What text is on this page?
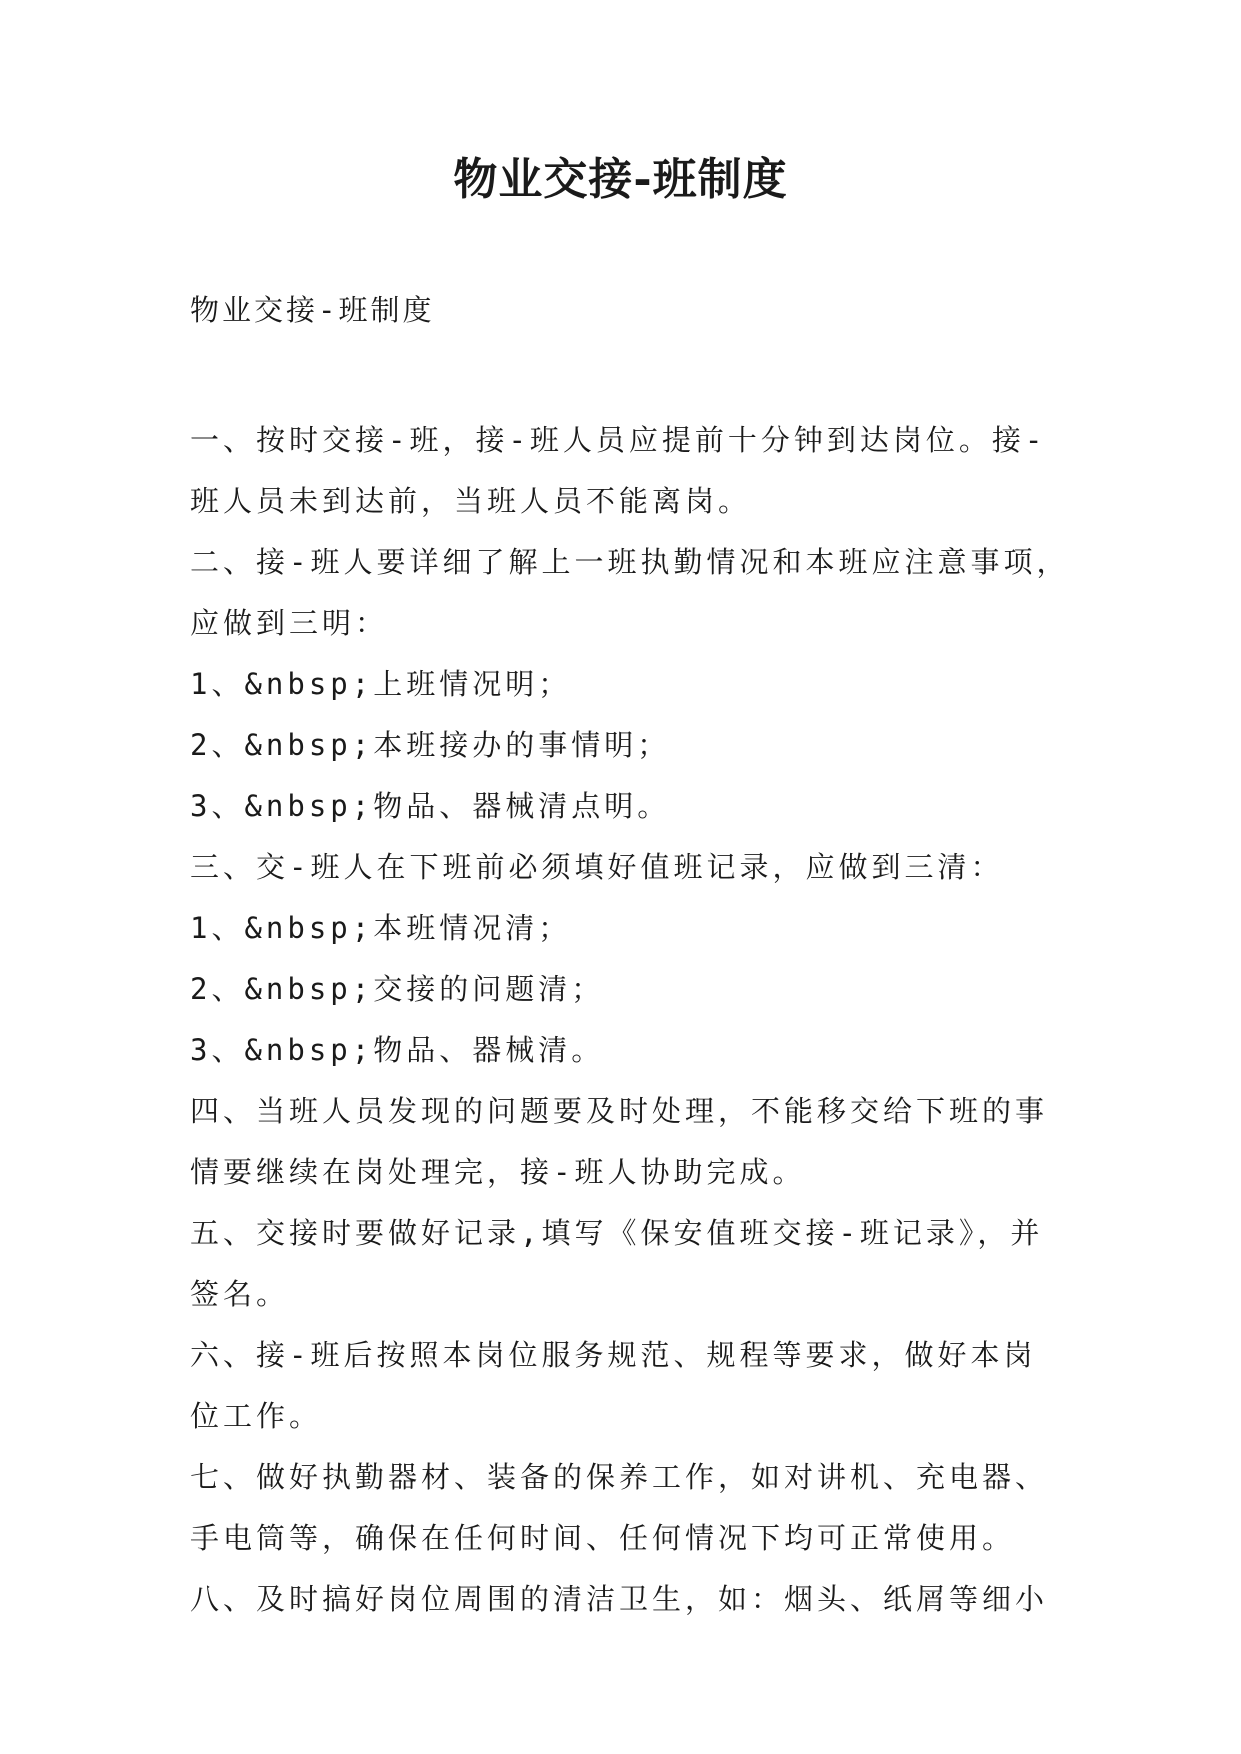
物业交接-班制度

物业交接-班制度

一、按时交接-班，接-班人员应提前十分钟到达岗位。接-
班人员未到达前，当班人员不能离岗。
二、接-班人要详细了解上一班执勤情况和本班应注意事项，
应做到三明：
1、&nbsp;上班情况明；
2、&nbsp;本班接办的事情明；
3、&nbsp;物品、器械清点明。
三、交-班人在下班前必须填好值班记录，应做到三清：
1、&nbsp;本班情况清；
2、&nbsp;交接的问题清；
3、&nbsp;物品、器械清。
四、当班人员发现的问题要及时处理，不能移交给下班的事
情要继续在岗处理完，接-班人协助完成。
五、交接时要做好记录,填写《保安值班交接-班记录》，并
签名。
六、接-班后按照本岗位服务规范、规程等要求，做好本岗
位工作。
七、做好执勤器材、装备的保养工作，如对讲机、充电器、
手电筒等，确保在任何时间、任何情况下均可正常使用。
八、及时搞好岗位周围的清洁卫生，如：烟头、纸屑等细小
